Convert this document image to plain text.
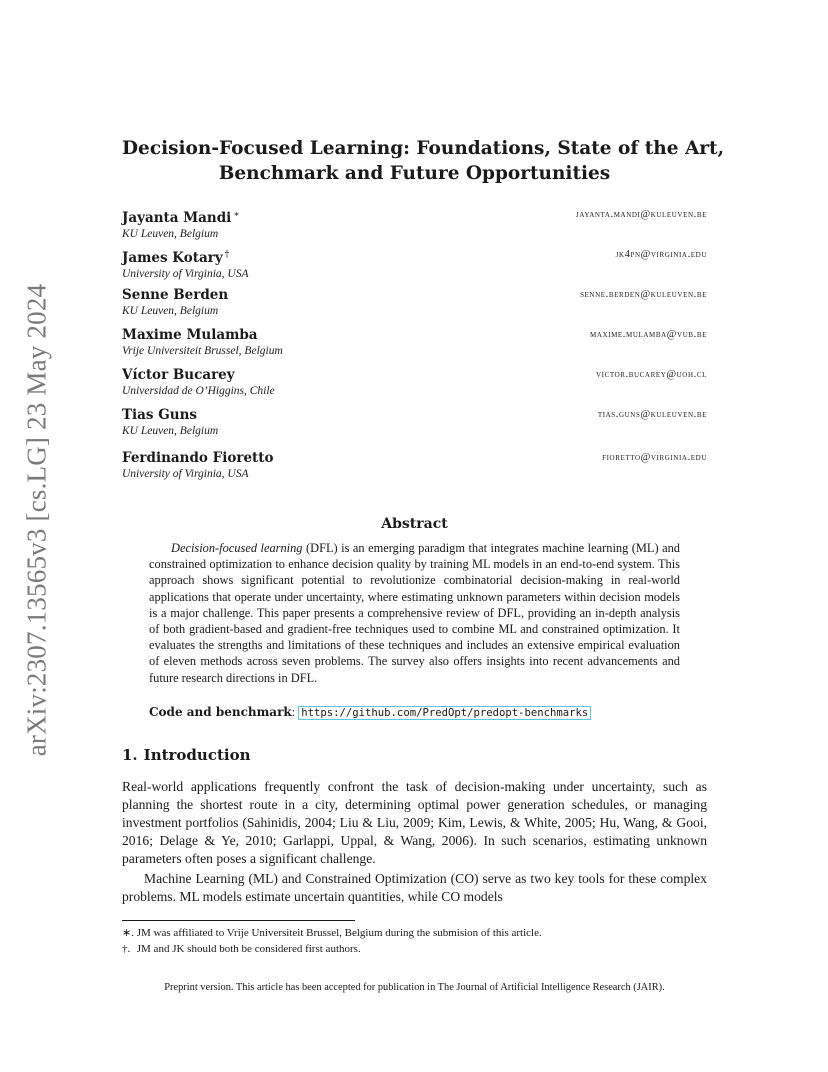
arXiv:2307.13565v3 [cs.LG] 23 May 2024
Decision-Focused Learning: Foundations, State of the Art,
Benchmark and Future Opportunities
Jayanta Mandi ∗
KU Leuven, Belgium
jayanta.mandi@kuleuven.be
James Kotary †
University of Virginia, USA
jk4pn@virginia.edu
Senne Berden
KU Leuven, Belgium
senne.berden@kuleuven.be
Maxime Mulamba
Vrije Universiteit Brussel, Belgium
maxime.mulamba@vub.be
Víctor Bucarey
Universidad de O’Higgins, Chile
victor.bucarey@uoh.cl
Tias Guns
KU Leuven, Belgium
tias.guns@kuleuven.be
Ferdinando Fioretto
University of Virginia, USA
fioretto@virginia.edu
Abstract
Decision-focused learning (DFL) is an emerging paradigm that integrates machine learning (ML) and constrained optimization to enhance decision quality by training ML models in an end-to-end system. This approach shows significant potential to revolutionize combinatorial decision-making in real-world applications that operate under uncertainty, where estimating unknown parameters within decision models is a major challenge. This paper presents a comprehensive review of DFL, providing an in-depth analysis of both gradient-based and gradient-free techniques used to combine ML and constrained optimization. It evaluates the strengths and limitations of these techniques and includes an extensive empirical evaluation of eleven methods across seven problems. The survey also offers insights into recent advancements and future research directions in DFL.
Code and benchmark: https://github.com/PredOpt/predopt-benchmarks
1. Introduction
Real-world applications frequently confront the task of decision-making under uncertainty, such as planning the shortest route in a city, determining optimal power generation schedules, or managing investment portfolios (Sahinidis, 2004; Liu & Liu, 2009; Kim, Lewis, & White, 2005; Hu, Wang, & Gooi, 2016; Delage & Ye, 2010; Garlappi, Uppal, & Wang, 2006). In such scenarios, estimating unknown parameters often poses a significant challenge.
Machine Learning (ML) and Constrained Optimization (CO) serve as two key tools for these complex problems. ML models estimate uncertain quantities, while CO models
∗. JM was affiliated to Vrije Universiteit Brussel, Belgium during the submision of this article.
†. JM and JK should both be considered first authors.
Preprint version. This article has been accepted for publication in The Journal of Artificial Intelligence Research (JAIR).
